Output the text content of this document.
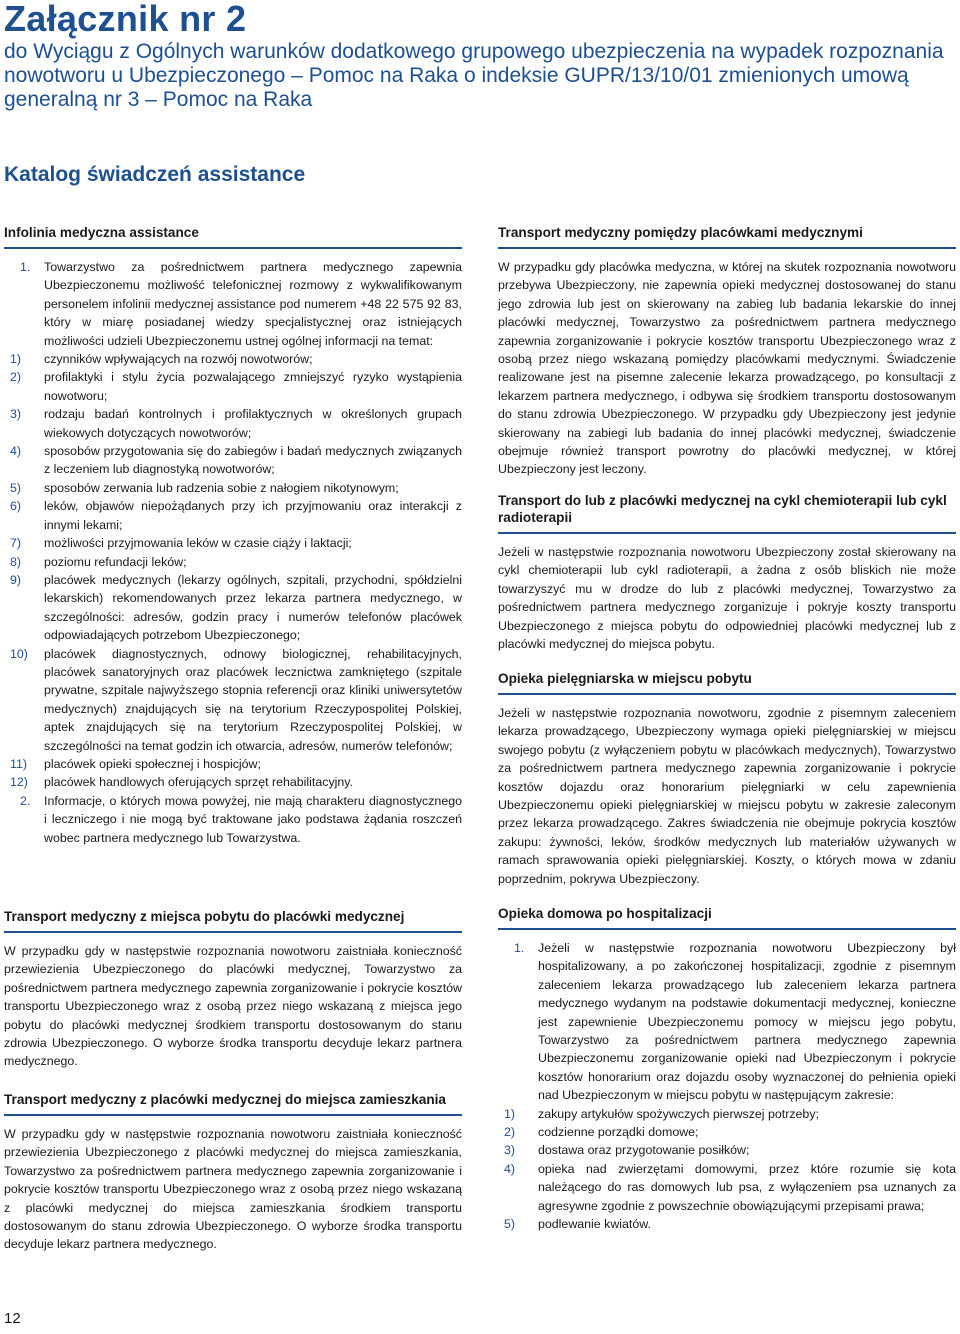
Załącznik nr 2

do Wyciągu z Ogólnych warunków dodatkowego grupowego ubezpieczenia na wypadek rozpoznania nowotworu u Ubezpieczonego – Pomoc na Raka o indeksie GUPR/13/10/01 zmienionych umową generalną nr 3 – Pomoc na Raka

Katalog świadczeń assistance
Infolinia medyczna assistance
1. Towarzystwo za pośrednictwem partnera medycznego zapewnia Ubezpieczonemu możliwość telefonicznej rozmowy z wykwalifikowanym personelem infolinii medycznej assistance pod numerem +48 22 575 92 83, który w miarę posiadanej wiedzy specjalistycznej oraz istniejących możliwości udzieli Ubezpieczonemu ustnej ogólnej informacji na temat:
1) czynników wpływających na rozwój nowotworów;
2) profilaktyki i stylu życia pozwalającego zmniejszyć ryzyko wystąpienia nowotworu;
3) rodzaju badań kontrolnych i profilaktycznych w określonych grupach wiekowych dotyczących nowotworów;
4) sposobów przygotowania się do zabiegów i badań medycznych związanych z leczeniem lub diagnostyką nowotworów;
5) sposobów zerwania lub radzenia sobie z nałogiem nikotynowym;
6) leków, objawów niepożądanych przy ich przyjmowaniu oraz interakcji z innymi lekami;
7) możliwości przyjmowania leków w czasie ciąży i laktacji;
8) poziomu refundacji leków;
9) placówek medycznych (lekarzy ogólnych, szpitali, przychodni, spółdzielni lekarskich) rekomendowanych przez lekarza partnera medycznego, w szczególności: adresów, godzin pracy i numerów telefonów placówek odpowiadających potrzebom Ubezpieczonego;
10) placówek diagnostycznych, odnowy biologicznej, rehabilitacyjnych, placówek sanatoryjnych oraz placówek lecznictwa zamkniętego (szpitale prywatne, szpitale najwyższego stopnia referencji oraz kliniki uniwersytetów medycznych) znajdujących się na terytorium Rzeczypospolitej Polskiej, aptek znajdujących się na terytorium Rzeczypospolitej Polskiej, w szczególności na temat godzin ich otwarcia, adresów, numerów telefonów;
11) placówek opieki społecznej i hospicjów;
12) placówek handlowych oferujących sprzęt rehabilitacyjny.
2. Informacje, o których mowa powyżej, nie mają charakteru diagnostycznego i leczniczego i nie mogą być traktowane jako podstawa żądania roszczeń wobec partnera medycznego lub Towarzystwa.
Transport medyczny z miejsca pobytu do placówki medycznej

W przypadku gdy w następstwie rozpoznania nowotworu zaistniała konieczność przewiezienia Ubezpieczonego do placówki medycznej, Towarzystwo za pośrednictwem partnera medycznego zapewnia zorganizowanie i pokrycie kosztów transportu Ubezpieczonego wraz z osobą przez niego wskazaną z miejsca jego pobytu do placówki medycznej środkiem transportu dostosowanym do stanu zdrowia Ubezpieczonego. O wyborze środka transportu decyduje lekarz partnera medycznego.

Transport medyczny z placówki medycznej do miejsca zamieszkania

W przypadku gdy w następstwie rozpoznania nowotworu zaistniała konieczność przewiezienia Ubezpieczonego z placówki medycznej do miejsca zamieszkania, Towarzystwo za pośrednictwem partnera medycznego zapewnia zorganizowanie i pokrycie kosztów transportu Ubezpieczonego wraz z osobą przez niego wskazaną z placówki medycznej do miejsca zamieszkania środkiem transportu dostosowanym do stanu zdrowia Ubezpieczonego. O wyborze środka transportu decyduje lekarz partnera medycznego.

Transport medyczny pomiędzy placówkami medycznymi

W przypadku gdy placówka medyczna, w której na skutek rozpoznania nowotworu przebywa Ubezpieczony, nie zapewnia opieki medycznej dostosowanej do stanu jego zdrowia lub jest on skierowany na zabieg lub badania lekarskie do innej placówki medycznej, Towarzystwo za pośrednictwem partnera medycznego zapewnia zorganizowanie i pokrycie kosztów transportu Ubezpieczonego wraz z osobą przez niego wskazaną pomiędzy placówkami medycznymi. Świadczenie realizowane jest na pisemne zalecenie lekarza prowadzącego, po konsultacji z lekarzem partnera medycznego, i odbywa się środkiem transportu dostosowanym do stanu zdrowia Ubezpieczonego. W przypadku gdy Ubezpieczony jest jedynie skierowany na zabiegi lub badania do innej placówki medycznej, świadczenie obejmuje również transport powrotny do placówki medycznej, w której Ubezpieczony jest leczony.

Transport do lub z placówki medycznej na cykl chemioterapii lub cykl radioterapii

Jeżeli w następstwie rozpoznania nowotworu Ubezpieczony został skierowany na cykl chemioterapii lub cykl radioterapii, a żadna z osób bliskich nie może towarzyszyć mu w drodze do lub z placówki medycznej, Towarzystwo za pośrednictwem partnera medycznego zorganizuje i pokryje koszty transportu Ubezpieczonego z miejsca pobytu do odpowiedniej placówki medycznej lub z placówki medycznej do miejsca pobytu.

Opieka pielęgniarska w miejscu pobytu

Jeżeli w następstwie rozpoznania nowotworu, zgodnie z pisemnym zaleceniem lekarza prowadzącego, Ubezpieczony wymaga opieki pielęgniarskiej w miejscu swojego pobytu (z wyłączeniem pobytu w placówkach medycznych), Towarzystwo za pośrednictwem partnera medycznego zapewnia zorganizowanie i pokrycie kosztów dojazdu oraz honorarium pielęgniarki w celu zapewnienia Ubezpieczonemu opieki pielęgniarskiej w miejscu pobytu w zakresie zaleconym przez lekarza prowadzącego. Zakres świadczenia nie obejmuje pokrycia kosztów zakupu: żywności, leków, środków medycznych lub materiałów używanych w ramach sprawowania opieki pielęgniarskiej. Koszty, o których mowa w zdaniu poprzednim, pokrywa Ubezpieczony.

Opieka domowa po hospitalizacji
1. Jeżeli w następstwie rozpoznania nowotworu Ubezpieczony był hospitalizowany, a po zakończonej hospitalizacji, zgodnie z pisemnym zaleceniem lekarza prowadzącego lub zaleceniem lekarza partnera medycznego wydanym na podstawie dokumentacji medycznej, konieczne jest zapewnienie Ubezpieczonemu pomocy w miejscu jego pobytu, Towarzystwo za pośrednictwem partnera medycznego zapewnia Ubezpieczonemu zorganizowanie opieki nad Ubezpieczonym i pokrycie kosztów honorarium oraz dojazdu osoby wyznaczonej do pełnienia opieki nad Ubezpieczonym w miejscu pobytu w następującym zakresie:
1) zakupy artykułów spożywczych pierwszej potrzeby;
2) codzienne porządki domowe;
3) dostawa oraz przygotowanie posiłków;
4) opieka nad zwierzętami domowymi, przez które rozumie się kota należącego do ras domowych lub psa, z wyłączeniem psa uznanych za agresywne zgodnie z powszechnie obowiązującymi przepisami prawa;
5) podlewanie kwiatów.
12
